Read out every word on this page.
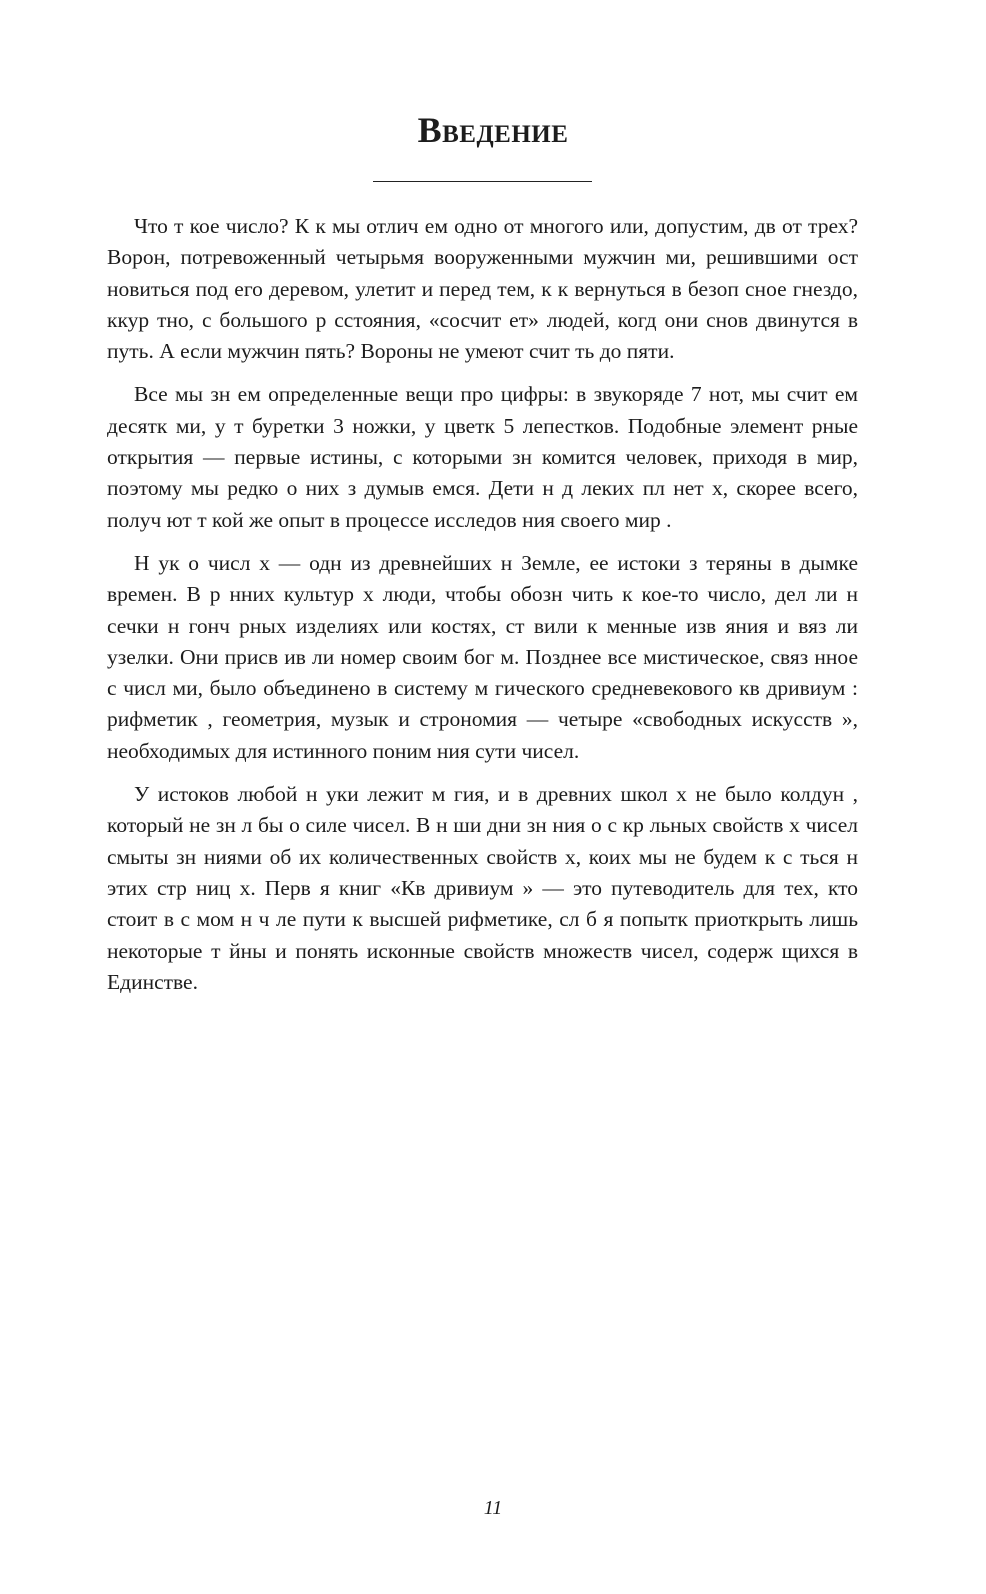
Введение

Что т кое число? К к мы отлич ем одно от многого или, допустим, дв от трех? Ворон, потревоженный четырьмя вооруженными мужчин ми, решившими ост новиться под его деревом, улетит и перед тем, к к вернуться в безоп сное гнездо, ккур тно, с большого р сстояния, «сосчит ет» людей, когд они снов двинутся в путь. А если мужчин пять? Вороны не умеют счит ть до пяти.

Все мы зн ем определенные вещи про цифры: в звукоряде 7 нот, мы счит ем десятк ми, у т буретки 3 ножки, у цветк 5 лепестков. Подобные элемент рные открытия — первые истины, с которыми зн комится человек, приходя в мир, поэтому мы редко о них з думыв емся. Дети н д леких пл нет х, скорее всего, получ ют т кой же опыт в процессе исследов ния своего мир .

Н ук о числ х — одн из древнейших н Земле, ее истоки з теряны в дымке времен. В р нних культур х люди, чтобы обозн чить к кое-то число, дел ли н сечки н гонч рных изделиях или костях, ст вили к менные изв яния и вяз ли узелки. Они присв ив ли номер своим бог м. Позднее все мистическое, связ нное с числ ми, было объединено в систему м гического средневекового кв дривиум : рифметик , геометрия, музык и строномия — четыре «свободных искусств », необходимых для истинного поним ния сути чисел.

У истоков любой н уки лежит м гия, и в древних школ х не было колдун , который не зн л бы о силе чисел. В н ши дни зн ния о с кр льных свойств х чисел смыты зн ниями об их количественных свойств х, коих мы не будем к с ться н этих стр ниц х. Перв я книг «Кв дривиум » — это путеводитель для тех, кто стоит в с мом н ч ле пути к высшей рифметике, сл б я попытк приоткрыть лишь некоторые т йны и понять исконные свойств множеств чисел, содерж щихся в Единстве.

11
